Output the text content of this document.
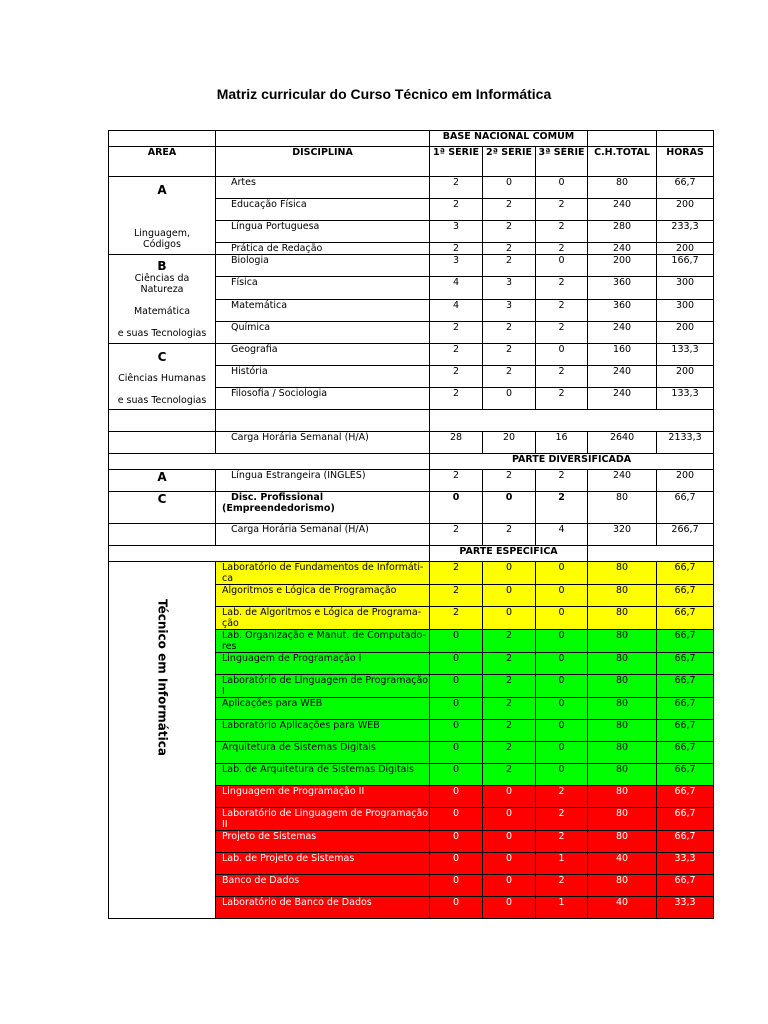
Matriz curricular do Curso Técnico em Informática
		BASE NACIONAL COMUM				
ÁREA	DISCIPLINA	1ª SÉRIE	2ª SÉRIE	3ª SÉRIE	C.H.TOTAL	HORAS

A
Linguagem,
Códigos	Artes	2	0	0	80	66,7
	Educação Física	2	2	2	240	200
	Língua Portuguesa	3	2	2	280	233,3
	Prática de Redação	2	2	2	240	200

B
Ciências da
Natureza
Matemática
e suas Tecnologias	Biologia	3	2	0	200	166,7
	Física	4	3	2	360	300
	Matemática	4	3	2	360	300
	Química	2	2	2	240	200

C
Ciências Humanas
e suas Tecnologias	Geografia	2	2	0	160	133,3
	História	2	2	2	240	200
	Filosofia / Sociologia	2	0	2	240	133,3

	Carga Horária Semanal (H/A)	28	20	16	2640	2133,3
		PARTE DIVERSIFICADA				

A	Língua Estrangeira (INGLÊS)	2	2	2	240	200

C	Disc. Profissional (Empreendedorismo)	0	0	2	80	66,7
	Carga Horária Semanal (H/A)	2	2	4	320	266,7
		PARTE ESPECÍFICA				

Técnico em Informática	Laboratório de Fundamentos de Informáti-ca	2	0	0	80	66,7
	Algoritmos e Lógica de Programação	2	0	0	80	66,7
	Lab. de Algoritmos e Lógica de Programa-ção	2	0	0	80	66,7
	Lab. Organização e Manut. de Computado-res	0	2	0	80	66,7
	Linguagem de Programação I	0	2	0	80	66,7
	Laboratório de Linguagem de Programação I	0	2	0	80	66,7
	Aplicações para WEB	0	2	0	80	66,7
	Laboratório Aplicações para WEB	0	2	0	80	66,7
	Arquitetura de Sistemas Digitais	0	2	0	80	66,7
	Lab. de Arquitetura de Sistemas Digitais	0	2	0	80	66,7
	Linguagem de Programação II	0	0	2	80	66,7
	Laboratório de Linguagem de Programação II	0	0	2	80	66,7
	Projeto de Sistemas	0	0	2	80	66,7
	Lab. de Projeto de Sistemas	0	0	1	40	33,3
	Banco de Dados	0	0	2	80	66,7
	Laboratório de Banco de Dados	0	0	1	40	33,3
